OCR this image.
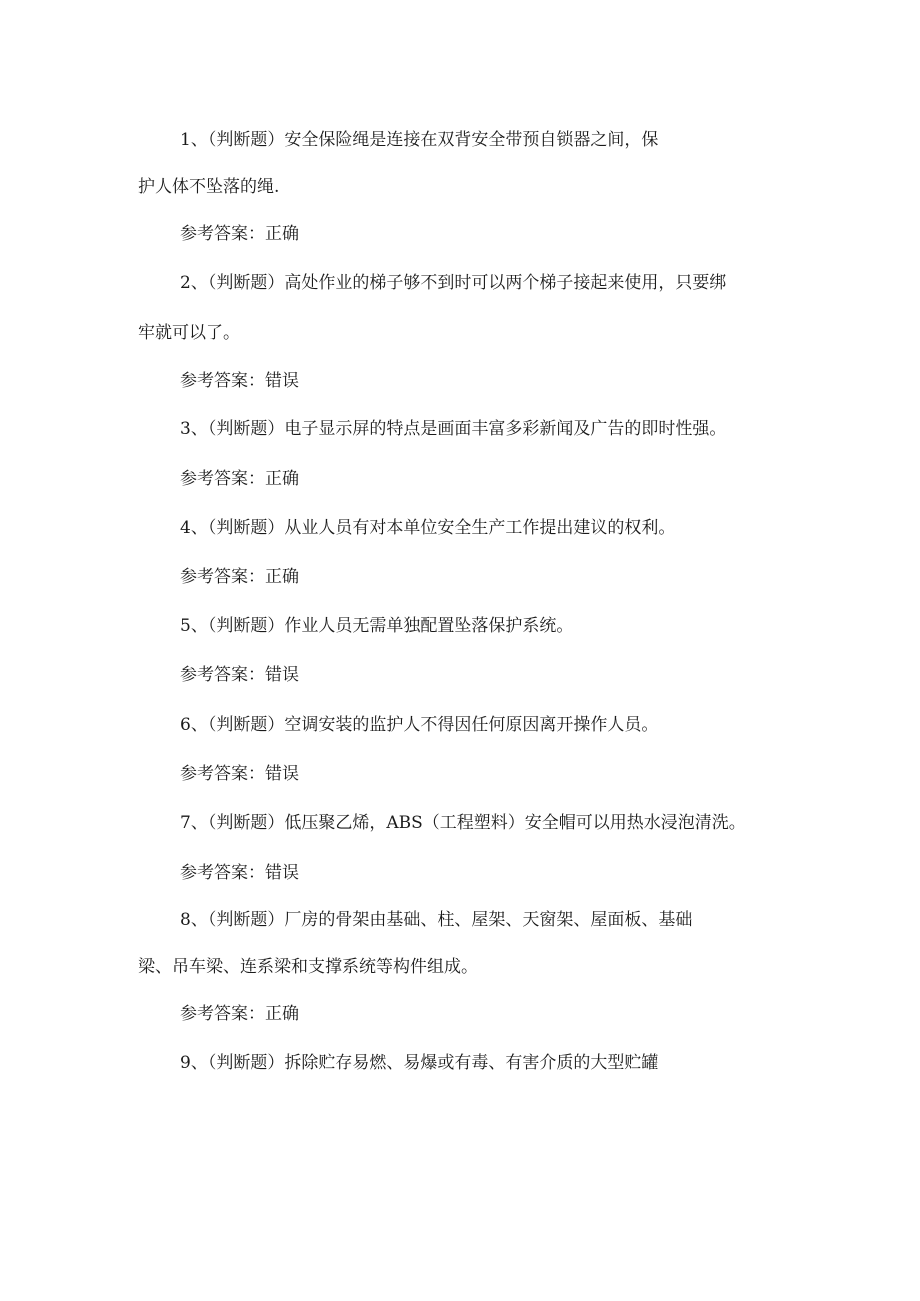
1、（判断题）安全保险绳是连接在双背安全带预自锁器之间，保
护人体不坠落的绳.
参考答案：正确
2、（判断题）高处作业的梯子够不到时可以两个梯子接起来使用，只要绑
牢就可以了。
参考答案：错误
3、（判断题）电子显示屏的特点是画面丰富多彩新闻及广告的即时性强。
参考答案：正确
4、（判断题）从业人员有对本单位安全生产工作提出建议的权利。
参考答案：正确
5、（判断题）作业人员无需单独配置坠落保护系统。
参考答案：错误
6、（判断题）空调安装的监护人不得因任何原因离开操作人员。
参考答案：错误
7、（判断题）低压聚乙烯，ABS（工程塑料）安全帽可以用热水浸泡清洗。
参考答案：错误
8、（判断题）厂房的骨架由基础、柱、屋架、天窗架、屋面板、基础
梁、吊车梁、连系梁和支撑系统等构件组成。
参考答案：正确
9、（判断题）拆除贮存易燃、易爆或有毒、有害介质的大型贮罐
